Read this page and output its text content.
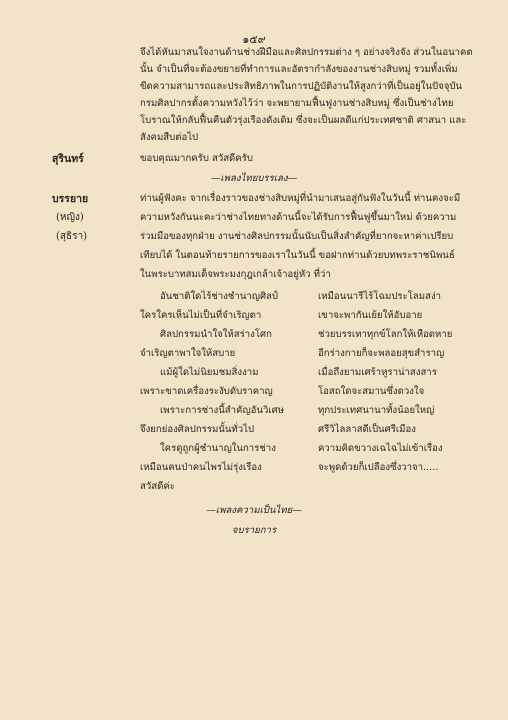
๑๕๙
จึงได้หันมาสนใจงานด้านช่างฝีมือและศิลปกรรมต่าง ๆ อย่างจริงจัง ส่วนในอนาคต
นั้น จำเป็นที่จะต้องขยายที่ทำการและอัตรากำลังของงานช่างสิบหมู่ รวมทั้งเพิ่ม
ขีดความสามารถและประสิทธิภาพในการปฏิบัติงานให้สูงกว่าที่เป็นอยู่ในปัจจุบัน
กรมศิลปากรตั้งความหวังไว้ว่า จะพยายามฟื้นฟูงานช่างสิบหมู่ ซึ่งเป็นช่างไทย
โบราณให้กลับฟื้นคืนตัวรุ่งเรืองดังเดิม ซึ่งจะเป็นผลดีแก่ประเทศชาติ ศาสนา และ
สังคมสืบต่อไป
สุรินทร์	ขอบคุณมากครับ สวัสดีครับ
—เพลงไทยบรรเลง—
บรรยาย
(หญิง)
(สุธิรา)
ท่านผู้ฟังคะ จากเรื่องราวของช่างสิบหมู่ที่นำมาเสนอสู่กันฟังในวันนี้ ท่านคงจะมี
ความหวังกันนะคะว่าช่างไทยทางด้านนี้จะได้รับการฟื้นฟูขึ้นมาใหม่ ด้วยความ
ร่วมมือของทุกฝ่าย งานช่างศิลปกรรมนั้นนับเป็นสิ่งสำคัญที่ยากจะหาค่าเปรียบ
เทียบได้ ในตอนท้ายรายการของเราในวันนี้ ขอฝากท่านด้วยบทพระราชนิพนธ์
ในพระบาทสมเด็จพระมงกุฎเกล้าเจ้าอยู่หัว ที่ว่า
อันชาติใดไร้ช่างชำนาญศิลป์	เหมือนนารีไร้โฉมประโลมสง่า
ใครใครเห็นไม่เป็นที่จำเริญตา	เขาจะพากันเย้ยให้อับอาย
ศิลปกรรมนำใจให้สร่างโศก	ช่วยบรรเทาทุกข์โลกให้เหือดหาย
จำเริญตาพาใจให้สบาย	อีกร่างกายก็จะพลอยสุขสำราญ
แม้ผู้ใดไม่นิยมชมสิ่งงาม	เมื่อถึงยามเศร้าหูราน่าสงสาร
เพราะขาดเครื่องระงับดับราคาญ	โอสถใดจะสมานซึ่งดวงใจ
เพราะการช่างนี้สำคัญอันวิเศษ	ทุกประเทศนานาทั้งน้อยใหญ่
จึงยกย่องศิลปกรรมนั้นทั่วไป	ศรีวิไลลาสดีเป็นศรีเมือง
ใครดูถูกผู้ชำนาญในการช่าง	ความคิดขวางเฉไฉไม่เข้าเรื่อง
เหมือนคนป่าคนไพรไม่รุ่งเรือง	จะพูดด้วยก็เปลืองซึ่งวาจา.....
สวัสดีค่ะ
—เพลงความเป็นไทย—
จบรายการ
